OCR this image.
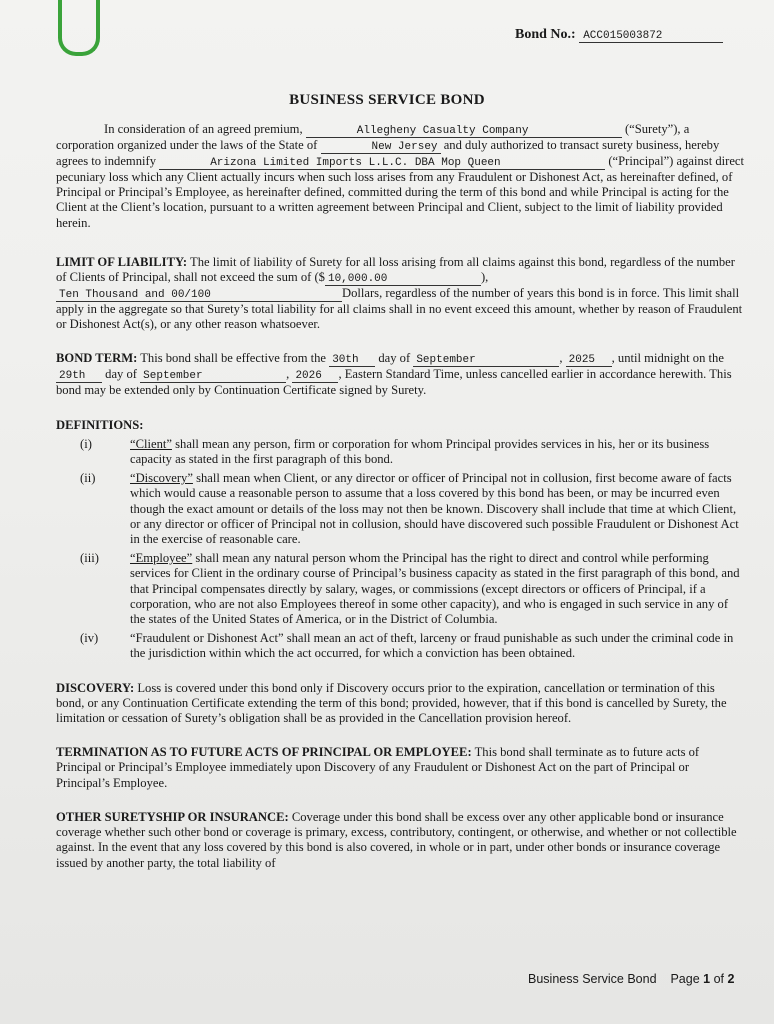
Bond No.: ACC015003872
BUSINESS SERVICE BOND

In consideration of an agreed premium,	Allegheny Casualty Company	(“Surety”), a corporation organized under the laws of the State of	New Jersey and duly authorized to transact surety business, hereby agrees to indemnify	Arizona Limited Imports L.L.C. DBA Mop Queen	(“Principal”) against direct pecuniary loss which any Client actually incurs when such loss arises from any Fraudulent or Dishonest Act, as hereinafter defined, of Principal or Principal’s Employee, as hereinafter defined, committed during the term of this bond and while Principal is acting for the Client at the Client’s location, pursuant to a written agreement between Principal and Client, subject to the limit of liability provided herein.

LIMIT OF LIABILITY: The limit of liability of Surety for all loss arising from all claims against this bond, regardless of the number of Clients of Principal, shall not exceed the sum of ($ 10,000.00	), Ten Thousand and 00/100	Dollars, regardless of the number of years this bond is in force. This limit shall apply in the aggregate so that Surety’s total liability for all claims shall in no event exceed this amount, whether by reason of Fraudulent or Dishonest Act(s), or any other reason whatsoever.

BOND TERM: This bond shall be effective from the 30th day of September	, 2025 , until midnight on the 29th day of September	, 2026 , Eastern Standard Time, unless cancelled earlier in accordance herewith. This bond may be extended only by Continuation Certificate signed by Surety.

DEFINITIONS:

(i)	“Client” shall mean any person, firm or corporation for whom Principal provides services in his, her or its business capacity as stated in the first paragraph of this bond.
(ii)	“Discovery” shall mean when Client, or any director or officer of Principal not in collusion, first become aware of facts which would cause a reasonable person to assume that a loss covered by this bond has been, or may be incurred even though the exact amount or details of the loss may not then be known. Discovery shall include that time at which Client, or any director or officer of Principal not in collusion, should have discovered such possible Fraudulent or Dishonest Act in the exercise of reasonable care.
(iii) “Employee” shall mean any natural person whom the Principal has the right to direct and control while performing services for Client in the ordinary course of Principal’s business capacity as stated in the first paragraph of this bond, and that Principal compensates directly by salary, wages, or commissions (except directors or officers of Principal, if a corporation, who are not also Employees thereof in some other capacity), and who is engaged in such service in any of the states of the United States of America, or in the District of Columbia.
(iv)	“Fraudulent or Dishonest Act” shall mean an act of theft, larceny or fraud punishable as such under the criminal code in the jurisdiction within which the act occurred, for which a conviction has been obtained.

DISCOVERY: Loss is covered under this bond only if Discovery occurs prior to the expiration, cancellation or termination of this bond, or any Continuation Certificate extending the term of this bond; provided, however, that if this bond is cancelled by Surety, the limitation or cessation of Surety’s obligation shall be as provided in the Cancellation provision hereof.

TERMINATION AS TO FUTURE ACTS OF PRINCIPAL OR EMPLOYEE: This bond shall terminate as to future acts of Principal or Principal’s Employee immediately upon Discovery of any Fraudulent or Dishonest Act on the part of Principal or Principal’s Employee.

OTHER SURETYSHIP OR INSURANCE: Coverage under this bond shall be excess over any other applicable bond or insurance coverage whether such other bond or coverage is primary, excess, contributory, contingent, or otherwise, and whether or not collectible against. In the event that any loss covered by this bond is also covered, in whole or in part, under other bonds or insurance coverage issued by another party, the total liability of

Business Service Bond Page 1 of 2
